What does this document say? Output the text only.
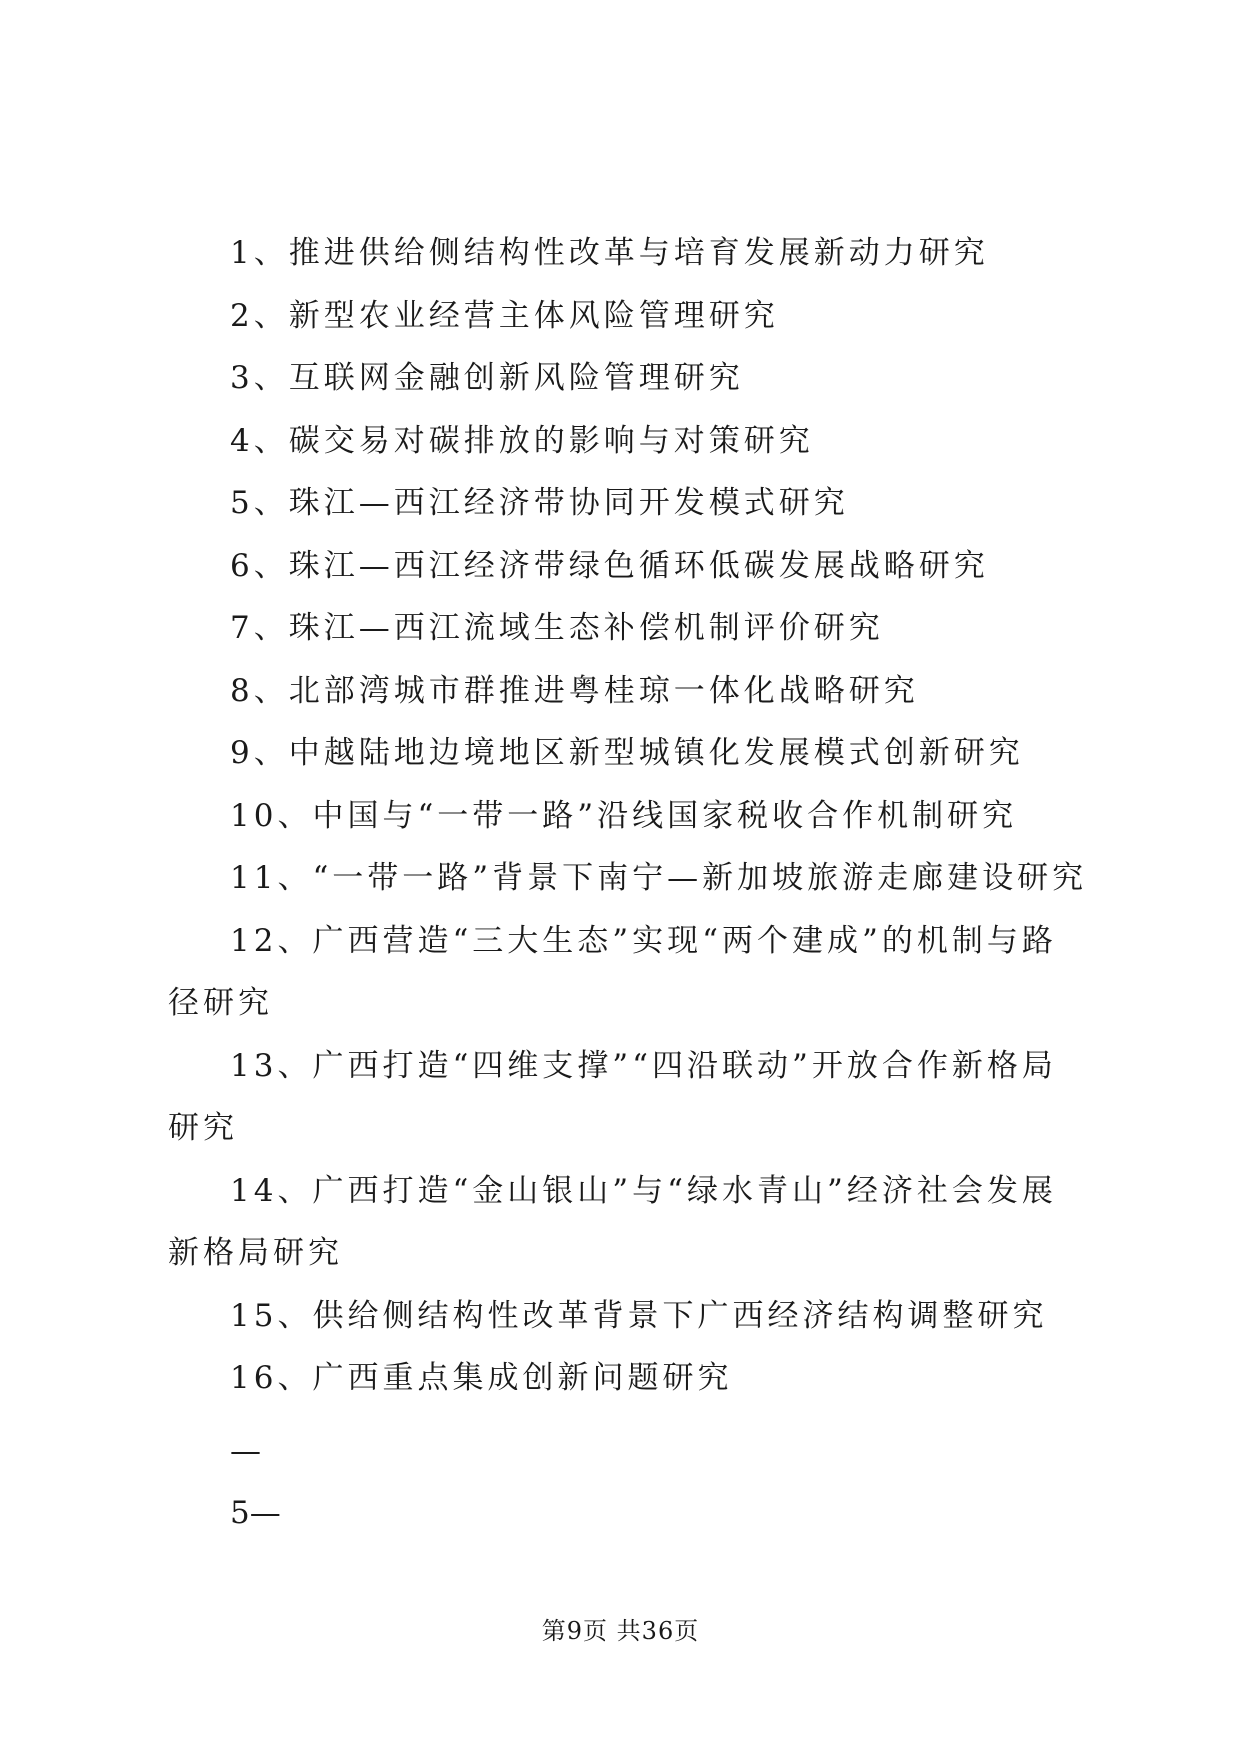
1、推进供给侧结构性改革与培育发展新动力研究

2、新型农业经营主体风险管理研究

3、互联网金融创新风险管理研究

4、碳交易对碳排放的影响与对策研究

5、珠江—西江经济带协同开发模式研究

6、珠江—西江经济带绿色循环低碳发展战略研究

7、珠江—西江流域生态补偿机制评价研究

8、北部湾城市群推进粤桂琼一体化战略研究

9、中越陆地边境地区新型城镇化发展模式创新研究

10、中国与“一带一路”沿线国家税收合作机制研究

11、“一带一路”背景下南宁—新加坡旅游走廊建设研究

12、广西营造“三大生态”实现“两个建成”的机制与路径研究

13、广西打造“四维支撑”“四沿联动”开放合作新格局研究

14、广西打造“金山银山”与“绿水青山”经济社会发展新格局研究

15、供给侧结构性改革背景下广西经济结构调整研究

16、广西重点集成创新问题研究

—
5—
第9页 共36页
